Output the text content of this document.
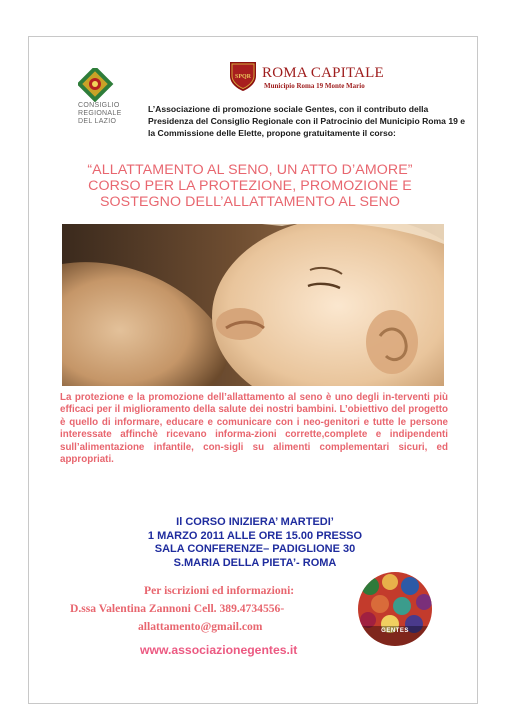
CONSIGLIO REGIONALE DEL LAZIO
SPQR ROMA CAPITALE
Municipio Roma 19 Monte Mario
L’Associazione di promozione sociale Gentes, con il contributo della Presidenza del Consiglio Regionale con il Patrocinio del Municipio Roma 19 e la Commissione delle Elette, propone gratuitamente il corso:
“ALLATTAMENTO AL SENO, UN ATTO D’AMORE”
CORSO PER LA PROTEZIONE, PROMOZIONE E
SOSTEGNO DELL’ALLATTAMENTO AL SENO
La protezione e la promozione dell’allattamento al seno è uno degli in-terventi più efficaci per il miglioramento della salute dei nostri bambini. L’obiettivo del progetto è quello di informare, educare e comunicare con i neo-genitori e tutte le persone interessate affinchè ricevano informa-zioni corrette,complete e indipendenti sull’alimentazione infantile, con-sigli su alimenti complementari sicuri, ed appropriati.
Il CORSO INIZIERA’ MARTEDI’
1 MARZO 2011 ALLE ORE 15.00 PRESSO
SALA CONFERENZE– PADIGLIONE 30
S.MARIA DELLA PIETA’- ROMA
Per iscrizioni ed informazioni:
D.ssa Valentina Zannoni Cell. 389.4734556-
allattamento@gmail.com
www.associazionegentes.it
GENTES
